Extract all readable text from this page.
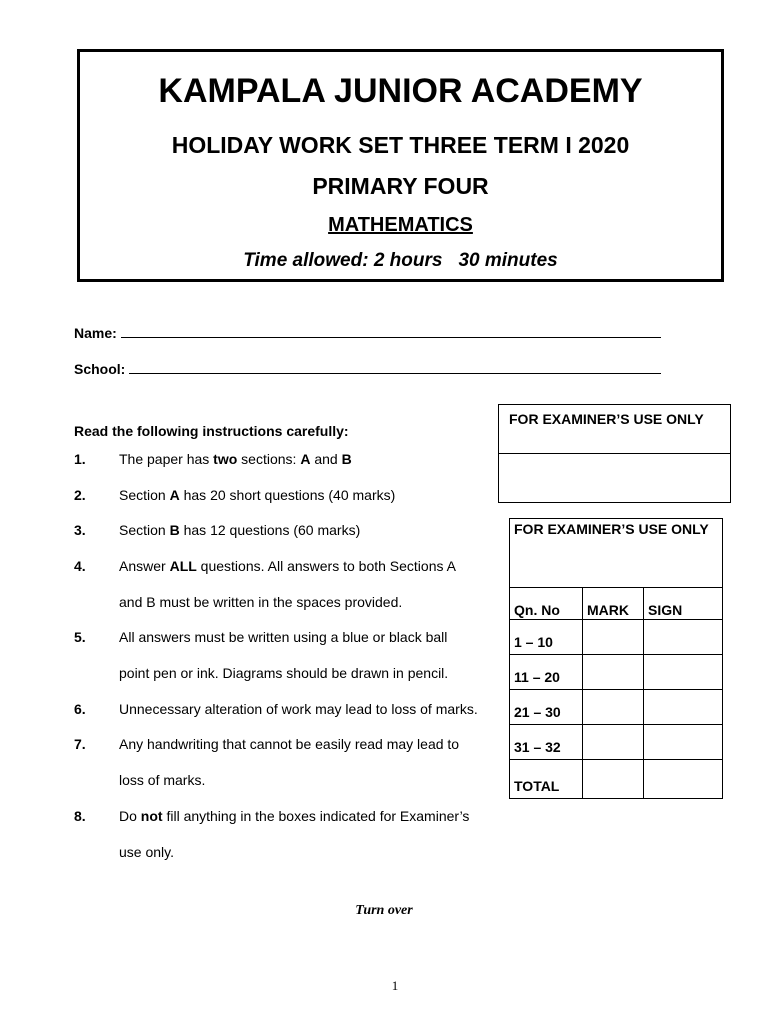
KAMPALA JUNIOR ACADEMY
HOLIDAY WORK SET THREE TERM I 2020
PRIMARY FOUR
MATHEMATICS
Time allowed: 2 hours 30 minutes
Name:
School:
Read the following instructions carefully:
1. The paper has two sections: A and B
2. Section A has 20 short questions (40 marks)
3. Section B has 12 questions (60 marks)
4. Answer ALL questions. All answers to both Sections A
and B must be written in the spaces provided.
5. All answers must be written using a blue or black ball
point pen or ink. Diagrams should be drawn in pencil.
6. Unnecessary alteration of work may lead to loss of marks.
7. Any handwriting that cannot be easily read may lead to
loss of marks.
8. Do not fill anything in the boxes indicated for Examiner’s
use only.
FOR EXAMINER’S USE ONLY
FOR EXAMINER’S USE ONLY		
Qn. No	MARK	SIGN
1 – 10		
11 – 20		
21 – 30		
31 – 32		
TOTAL		
Turn over
1
